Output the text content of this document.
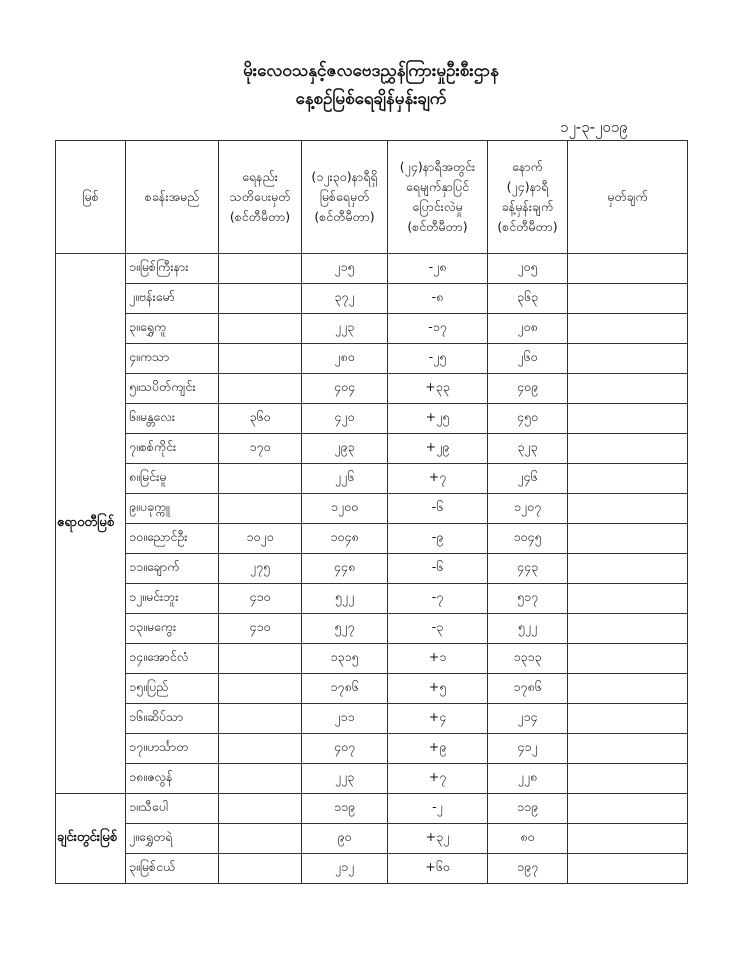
မိုးလေဝသနှင့်ဇလဗေဒညွှန်ကြားမှုဦးစီးဌာန
နေ့စဉ်မြစ်ရေချိန်မှန်းချက်
၁၂-၃-၂၀၁၉
မြစ်	စခန်းအမည်	ရေနည်း
သတိပေးမှတ်
(စင်တီမီတာ)	(၁၂း၃၀)နာရီရှိ
မြစ်ရေမှတ်
(စင်တီမီတာ)	(၂၄)နာရီအတွင်း
ရေမျက်နှာပြင်
ပြောင်းလဲမှု
(စင်တီမီတာ)	နောက်
(၂၄)နာရီ
ခန့်မှန်းချက်
(စင်တီမီတာ)	မှတ်ချက်
ဧရာဝတီမြစ်	၁။မြစ်ကြီးနား		၂၁၅	-၂၈	၂၀၅	
	၂။ဗန်းမော်		၃၇၂	-၈	၃၆၃	
	၃။ရွှေကူ		၂၂၃	-၁၇	၂၀၈	
	၄။ကသာ		၂၈၀	-၂၅	၂၆၀	
	၅။သပိတ်ကျင်း		၄၀၄	+၃၃	၄၀၉	
	၆။မန္တလေး	၃၆၀	၄၂၀	+၂၅	၄၅၀	
	၇။စစ်ကိုင်း	၁၇၀	၂၉၃	+၂၉	၃၂၃	
	၈။မြင်းမူ		၂၂၆	+၇	၂၄၆	
	၉။ပခုက္ကူ		၁၂၀၀	-၆	၁၂၀၇	
	၁၀။ညောင်ဦး	၁၀၂၀	၁၀၄၈	-၉	၁၀၄၅	
	၁၁။ချောက်	၂၇၅	၄၄၈	-၆	၄၄၃	
	၁၂။မင်းဘူး	၄၁၀	၅၂၂	-၇	၅၁၇	
	၁၃။မကွေး	၄၁၀	၅၂၇	-၃	၅၂၂	
	၁၄။အောင်လံ		၁၃၁၅	+၁	၁၃၁၃	
	၁၅။ပြည်		၁၇၈၆	+၅	၁၇၈၆	
	၁၆။ဆိပ်သာ		၂၁၁	+၄	၂၁၄	
	၁၇။ဟင်္သာတ		၄၀၇	+၉	၄၁၂	
	၁၈။ဇလွန်		၂၂၃	+၇	၂၂၈	
ချင်းတွင်းမြစ်	၁။သီပေါ		၁၁၉	-၂	၁၁၉	
	၂။ရွှေတရဲ		၉၀	+၃၂	၈၀	
	၃။မြစ်ငယ်		၂၁၂	+၆၀	၁၉၇	
